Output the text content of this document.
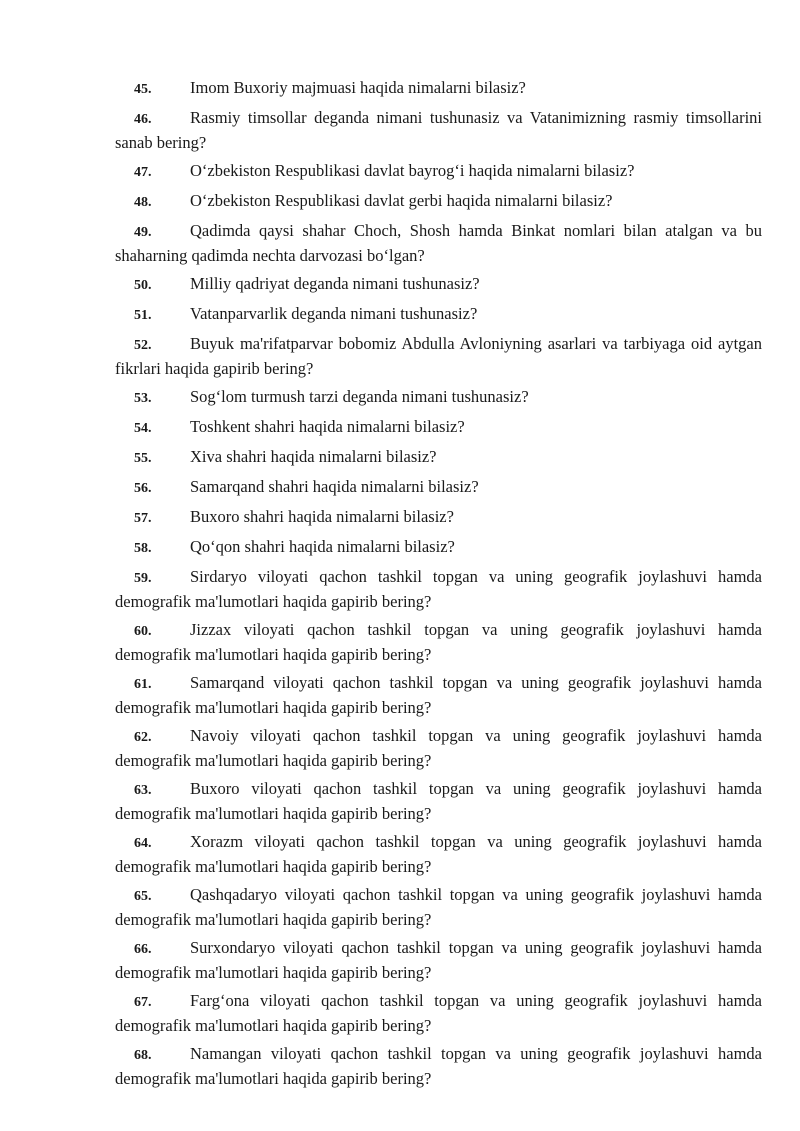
45. Imom Buxoriy majmuasi haqida nimalarni bilasiz?
46. Rasmiy timsollar deganda nimani tushunasiz va Vatanimizning rasmiy timsollarini sanab bering?
47. O‘zbekiston Respublikasi davlat bayrog‘i haqida nimalarni bilasiz?
48. O‘zbekiston Respublikasi davlat gerbi haqida nimalarni bilasiz?
49. Qadimda qaysi shahar Choch, Shosh hamda Binkat nomlari bilan atalgan va bu shaharning qadimda nechta darvozasi bo‘lgan?
50. Milliy qadriyat deganda nimani tushunasiz?
51. Vatanparvarlik deganda nimani tushunasiz?
52. Buyuk ma'rifatparvar bobomiz Abdulla Avloniyning asarlari va tarbiyaga oid aytgan fikrlari haqida gapirib bering?
53. Sog‘lom turmush tarzi deganda nimani tushunasiz?
54. Toshkent shahri haqida nimalarni bilasiz?
55. Xiva shahri haqida nimalarni bilasiz?
56. Samarqand shahri haqida nimalarni bilasiz?
57. Buxoro shahri haqida nimalarni bilasiz?
58. Qo‘qon shahri haqida nimalarni bilasiz?
59. Sirdaryo viloyati qachon tashkil topgan va uning geografik joylashuvi hamda demografik ma'lumotlari haqida gapirib bering?
60. Jizzax viloyati qachon tashkil topgan va uning geografik joylashuvi hamda demografik ma'lumotlari haqida gapirib bering?
61. Samarqand viloyati qachon tashkil topgan va uning geografik joylashuvi hamda demografik ma'lumotlari haqida gapirib bering?
62. Navoiy viloyati qachon tashkil topgan va uning geografik joylashuvi hamda demografik ma'lumotlari haqida gapirib bering?
63. Buxoro viloyati qachon tashkil topgan va uning geografik joylashuvi hamda demografik ma'lumotlari haqida gapirib bering?
64. Xorazm viloyati qachon tashkil topgan va uning geografik joylashuvi hamda demografik ma'lumotlari haqida gapirib bering?
65. Qashqadaryo viloyati qachon tashkil topgan va uning geografik joylashuvi hamda demografik ma'lumotlari haqida gapirib bering?
66. Surxondaryo viloyati qachon tashkil topgan va uning geografik joylashuvi hamda demografik ma'lumotlari haqida gapirib bering?
67. Farg‘ona viloyati qachon tashkil topgan va uning geografik joylashuvi hamda demografik ma'lumotlari haqida gapirib bering?
68. Namangan viloyati qachon tashkil topgan va uning geografik joylashuvi hamda demografik ma'lumotlari haqida gapirib bering?
